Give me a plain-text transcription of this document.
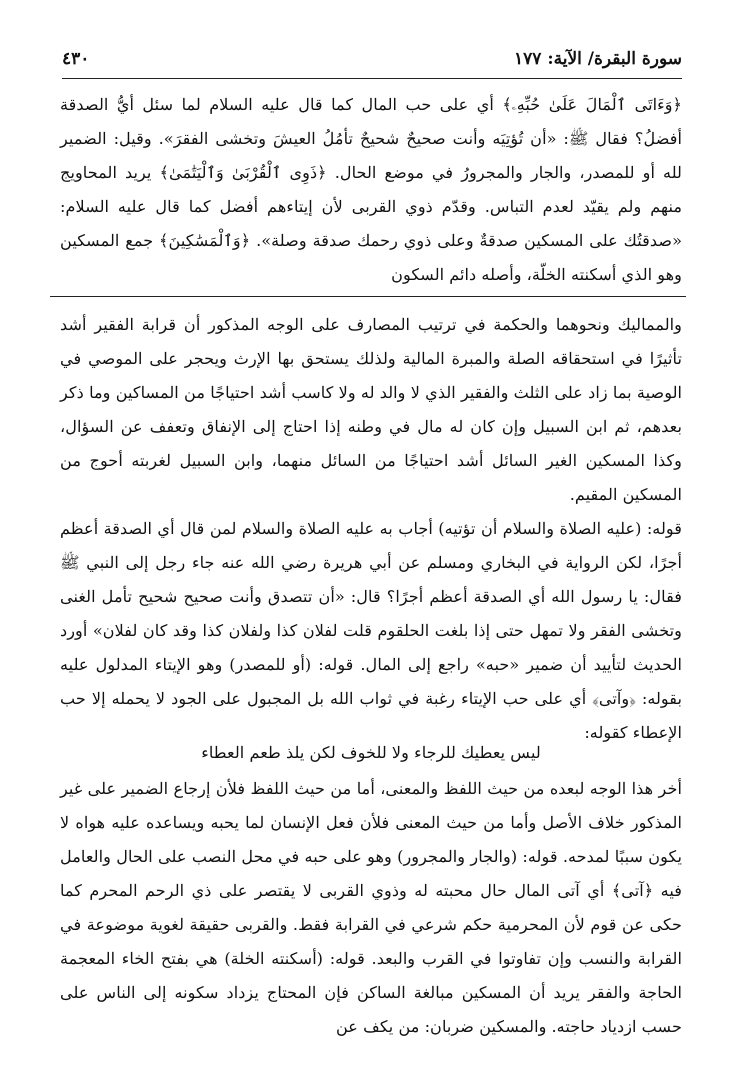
سورة البقرة/ الآية: ١٧٧
٤٣٠

﴿وَءَاتَى ٱلْمَالَ عَلَىٰ حُبِّهِۦ﴾ أي على حب المال كما قال عليه السلام لما سئل أيُّ الصدقة أفضلُ؟ فقال ﷺ: «أن تُؤتِيَه وأنت صحيحٌ شحيحٌ تأمُلُ العيشَ وتخشى الفقرَ». وقيل: الضمير لله أو للمصدر، والجار والمجرورُ في موضع الحال. ﴿ذَوِى ٱلْقُرْبَىٰ وَٱلْيَتَٰمَىٰ﴾ يريد المحاويج منهم ولم يقيّد لعدم التباس. وقدّم ذوي القربى لأن إيتاءهم أفضل كما قال عليه السلام: «صدقتُك على المسكين صدقةٌ وعلى ذوي رحمك صدقة وصلة». ﴿وَٱلْمَسَٰكِينَ﴾ جمع المسكين وهو الذي أسكنته الخلّة، وأصله دائم السكون

والمماليك ونحوهما والحكمة في ترتيب المصارف على الوجه المذكور أن قرابة الفقير أشد تأثيرًا في استحقاقه الصلة والمبرة المالية ولذلك يستحق بها الإرث ويحجر على الموصي في الوصية بما زاد على الثلث والفقير الذي لا والد له ولا كاسب أشد احتياجًا من المساكين وما ذكر بعدهم، ثم ابن السبيل وإن كان له مال في وطنه إذا احتاج إلى الإنفاق وتعفف عن السؤال، وكذا المسكين الغير السائل أشد احتياجًا من السائل منهما، وابن السبيل لغربته أحوج من المسكين المقيم.

قوله: (عليه الصلاة والسلام أن تؤتيه) أجاب به عليه الصلاة والسلام لمن قال أي الصدقة أعظم أجرًا، لكن الرواية في البخاري ومسلم عن أبي هريرة رضي الله عنه جاء رجل إلى النبي ﷺ فقال: يا رسول الله أي الصدقة أعظم أجرًا؟ قال: «أن تتصدق وأنت صحيح شحيح تأمل الغنى وتخشى الفقر ولا تمهل حتى إذا بلغت الحلقوم قلت لفلان كذا ولفلان كذا وقد كان لفلان» أورد الحديث لتأييد أن ضمير «حبه» راجع إلى المال. قوله: (أو للمصدر) وهو الإيتاء المدلول عليه بقوله: ﴿وآتى﴾ أي على حب الإيتاء رغبة في ثواب الله بل المجبول على الجود لا يحمله إلا حب الإعطاء كقوله:

ليس يعطيك للرجاء ولا للخوف لكن يلذ طعم العطاء

أخر هذا الوجه لبعده من حيث اللفظ والمعنى، أما من حيث اللفظ فلأن إرجاع الضمير على غير المذكور خلاف الأصل وأما من حيث المعنى فلأن فعل الإنسان لما يحبه ويساعده عليه هواه لا يكون سببًا لمدحه. قوله: (والجار والمجرور) وهو على حبه في محل النصب على الحال والعامل فيه ﴿آتى﴾ أي آتى المال حال محبته له وذوي القربى لا يقتصر على ذي الرحم المحرم كما حكى عن قوم لأن المحرمية حكم شرعي في القرابة فقط. والقربى حقيقة لغوية موضوعة في القرابة والنسب وإن تفاوتوا في القرب والبعد. قوله: (أسكنته الخلة) هي بفتح الخاء المعجمة الحاجة والفقر يريد أن المسكين مبالغة الساكن فإن المحتاج يزداد سكونه إلى الناس على حسب ازدياد حاجته. والمسكين ضربان: من يكف عن
